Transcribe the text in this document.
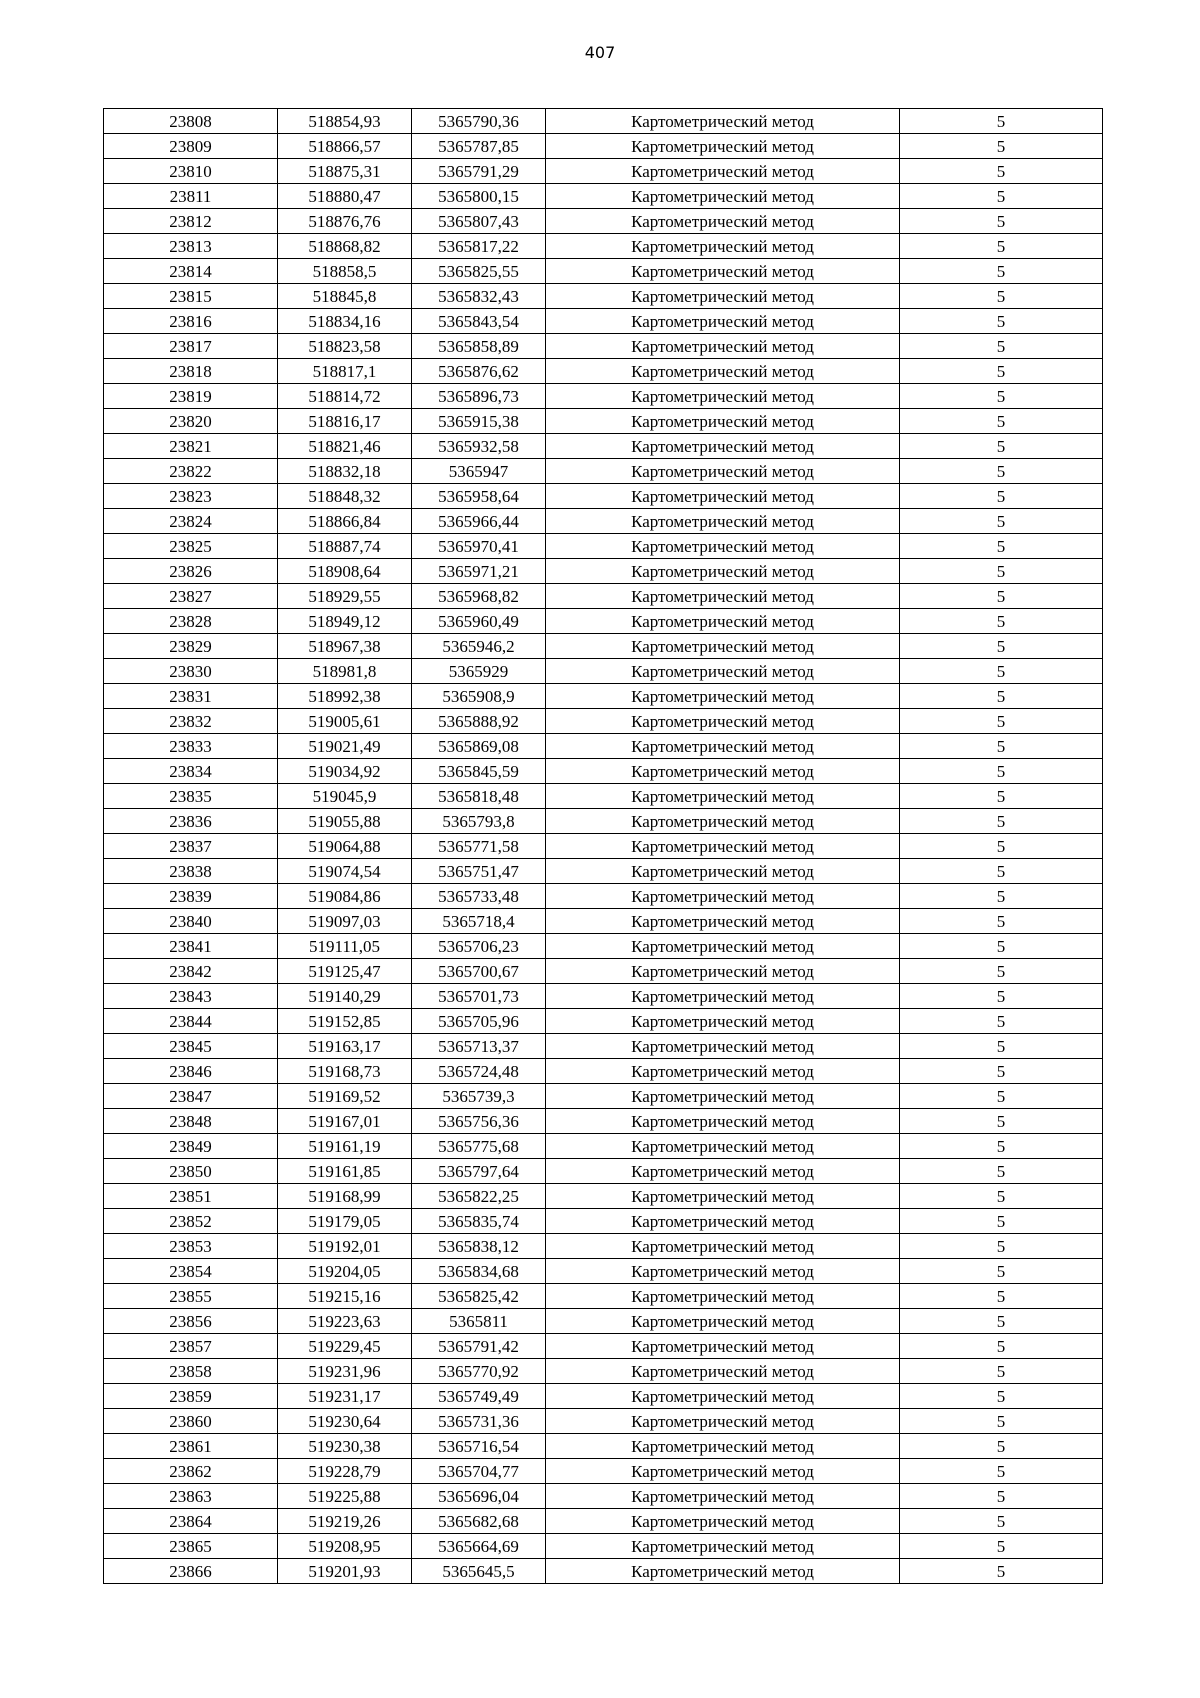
407
23808	518854,93	5365790,36	Картометрический метод	5
23809	518866,57	5365787,85	Картометрический метод	5
23810	518875,31	5365791,29	Картометрический метод	5
23811	518880,47	5365800,15	Картометрический метод	5
23812	518876,76	5365807,43	Картометрический метод	5
23813	518868,82	5365817,22	Картометрический метод	5
23814	518858,5	5365825,55	Картометрический метод	5
23815	518845,8	5365832,43	Картометрический метод	5
23816	518834,16	5365843,54	Картометрический метод	5
23817	518823,58	5365858,89	Картометрический метод	5
23818	518817,1	5365876,62	Картометрический метод	5
23819	518814,72	5365896,73	Картометрический метод	5
23820	518816,17	5365915,38	Картометрический метод	5
23821	518821,46	5365932,58	Картометрический метод	5
23822	518832,18	5365947	Картометрический метод	5
23823	518848,32	5365958,64	Картометрический метод	5
23824	518866,84	5365966,44	Картометрический метод	5
23825	518887,74	5365970,41	Картометрический метод	5
23826	518908,64	5365971,21	Картометрический метод	5
23827	518929,55	5365968,82	Картометрический метод	5
23828	518949,12	5365960,49	Картометрический метод	5
23829	518967,38	5365946,2	Картометрический метод	5
23830	518981,8	5365929	Картометрический метод	5
23831	518992,38	5365908,9	Картометрический метод	5
23832	519005,61	5365888,92	Картометрический метод	5
23833	519021,49	5365869,08	Картометрический метод	5
23834	519034,92	5365845,59	Картометрический метод	5
23835	519045,9	5365818,48	Картометрический метод	5
23836	519055,88	5365793,8	Картометрический метод	5
23837	519064,88	5365771,58	Картометрический метод	5
23838	519074,54	5365751,47	Картометрический метод	5
23839	519084,86	5365733,48	Картометрический метод	5
23840	519097,03	5365718,4	Картометрический метод	5
23841	519111,05	5365706,23	Картометрический метод	5
23842	519125,47	5365700,67	Картометрический метод	5
23843	519140,29	5365701,73	Картометрический метод	5
23844	519152,85	5365705,96	Картометрический метод	5
23845	519163,17	5365713,37	Картометрический метод	5
23846	519168,73	5365724,48	Картометрический метод	5
23847	519169,52	5365739,3	Картометрический метод	5
23848	519167,01	5365756,36	Картометрический метод	5
23849	519161,19	5365775,68	Картометрический метод	5
23850	519161,85	5365797,64	Картометрический метод	5
23851	519168,99	5365822,25	Картометрический метод	5
23852	519179,05	5365835,74	Картометрический метод	5
23853	519192,01	5365838,12	Картометрический метод	5
23854	519204,05	5365834,68	Картометрический метод	5
23855	519215,16	5365825,42	Картометрический метод	5
23856	519223,63	5365811	Картометрический метод	5
23857	519229,45	5365791,42	Картометрический метод	5
23858	519231,96	5365770,92	Картометрический метод	5
23859	519231,17	5365749,49	Картометрический метод	5
23860	519230,64	5365731,36	Картометрический метод	5
23861	519230,38	5365716,54	Картометрический метод	5
23862	519228,79	5365704,77	Картометрический метод	5
23863	519225,88	5365696,04	Картометрический метод	5
23864	519219,26	5365682,68	Картометрический метод	5
23865	519208,95	5365664,69	Картометрический метод	5
23866	519201,93	5365645,5	Картометрический метод	5
